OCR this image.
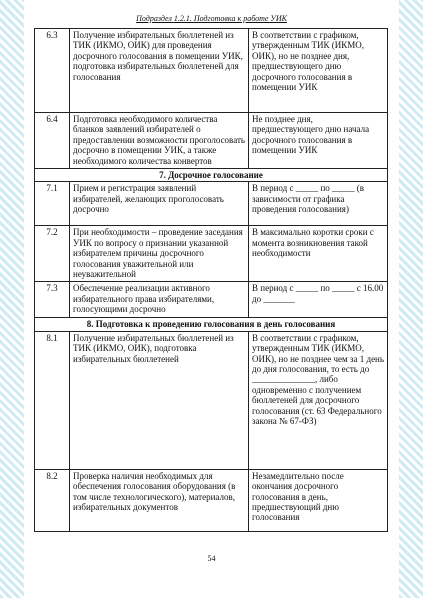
Подраздел 1.2.1. Подготовка к работе УИК
6.3	Получение избирательных бюллетеней из ТИК (ИКМО, ОИК) для проведения досрочного голосования в помещении УИК, подготовка избирательных бюллетеней для голосования	В соответствии с графиком, утвержденным ТИК (ИКМО, ОИК), но не позднее дня, предшествующего дню досрочного голосования в помещении УИК
6.4	Подготовка необходимого количества бланков заявлений избирателей о предоставлении возможности проголосовать досрочно в помещении УИК, а также необходимого количества конвертов	Не позднее дня, предшествующего дню начала досрочного голосования в помещении УИК
7. Досрочное голосование		
7.1	Прием и регистрация заявлений избирателей, желающих проголосовать досрочно	В период с _____ по _____ (в зависимости от графика проведения голосования)
7.2	При необходимости – проведение заседания УИК по вопросу о признании указанной избирателем причины досрочного голосования уважительной или неуважительной	В максимально коротки сроки с момента возникновения такой необходимости
7.3	Обеспечение реализации активного избирательного права избирателями, голосующими досрочно	В период с _____ по _____ с 16.00 до _______
8. Подготовка к проведению голосования в день голосования		
8.1	Получение избирательных бюллетеней из ТИК (ИКМО, ОИК), подготовка избирательных бюллетеней	В соответствии с графиком, утвержденным ТИК (ИКМО, ОИК), но не позднее чем за 1 день до дня голосования, то есть до ______________, либо одновременно с получением бюллетеней для досрочного голосования (ст. 63 Федерального закона № 67-ФЗ)
8.2	Проверка наличия необходимых для обеспечения голосования оборудования (в том числе технологического), материалов, избирательных документов	Незамедлительно после окончания досрочного голосования в день, предшествующий дню голосования
54
